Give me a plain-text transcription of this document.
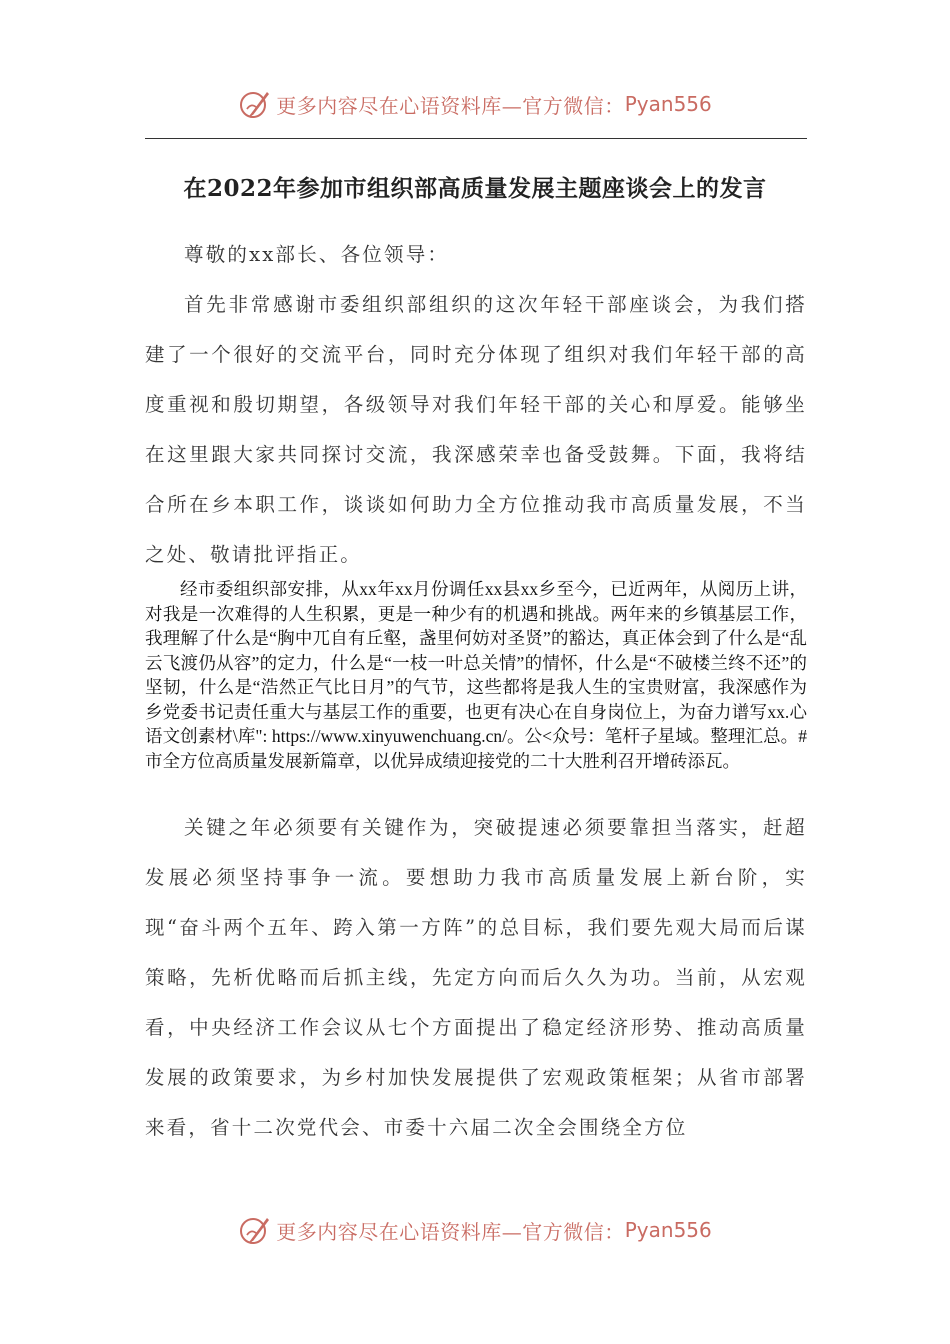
更多内容尽在心语资料库—官方微信： Pyan556
在2022年参加市组织部高质量发展主题座谈会上的发言

尊敬的xx部长、各位领导：

首先非常感谢市委组织部组织的这次年轻干部座谈会，为我们搭建了一个很好的交流平台，同时充分体现了组织对我们年轻干部的高度重视和殷切期望，各级领导对我们年轻干部的关心和厚爱。能够坐在这里跟大家共同探讨交流，我深感荣幸也备受鼓舞。下面，我将结合所在乡本职工作，谈谈如何助力全方位推动我市高质量发展，不当之处、敬请批评指正。

经市委组织部安排，从xx年xx月份调任xx县xx乡至今，已近两年，从阅历上讲，对我是一次难得的人生积累，更是一种少有的机遇和挑战。两年来的乡镇基层工作，我理解了什么是“胸中兀自有丘壑，盏里何妨对圣贤”的豁达，真正体会到了什么是“乱云飞渡仍从容”的定力，什么是“一枝一叶总关情”的情怀，什么是“不破楼兰终不还”的坚韧，什么是“浩然正气比日月”的气节，这些都将是我人生的宝贵财富，我深感作为乡党委书记责任重大与基层工作的重要，也更有决心在自身岗位上，为奋力谱写xx.心语文创素材\库": https://www.xinyuwenchuang.cn/。公<众号：笔杆子星域。整理汇总。#市全方位高质量发展新篇章，以优异成绩迎接党的二十大胜利召开增砖添瓦。

关键之年必须要有关键作为，突破提速必须要靠担当落实，赶超发展必须坚持事争一流。要想助力我市高质量发展上新台阶，实现“奋斗两个五年、跨入第一方阵”的总目标，我们要先观大局而后谋策略，先析优略而后抓主线，先定方向而后久久为功。当前，从宏观看，中央经济工作会议从七个方面提出了稳定经济形势、推动高质量发展的政策要求，为乡村加快发展提供了宏观政策框架；从省市部署来看，省十二次党代会、市委十六届二次全会围绕全方位

更多内容尽在心语资料库—官方微信： Pyan556
